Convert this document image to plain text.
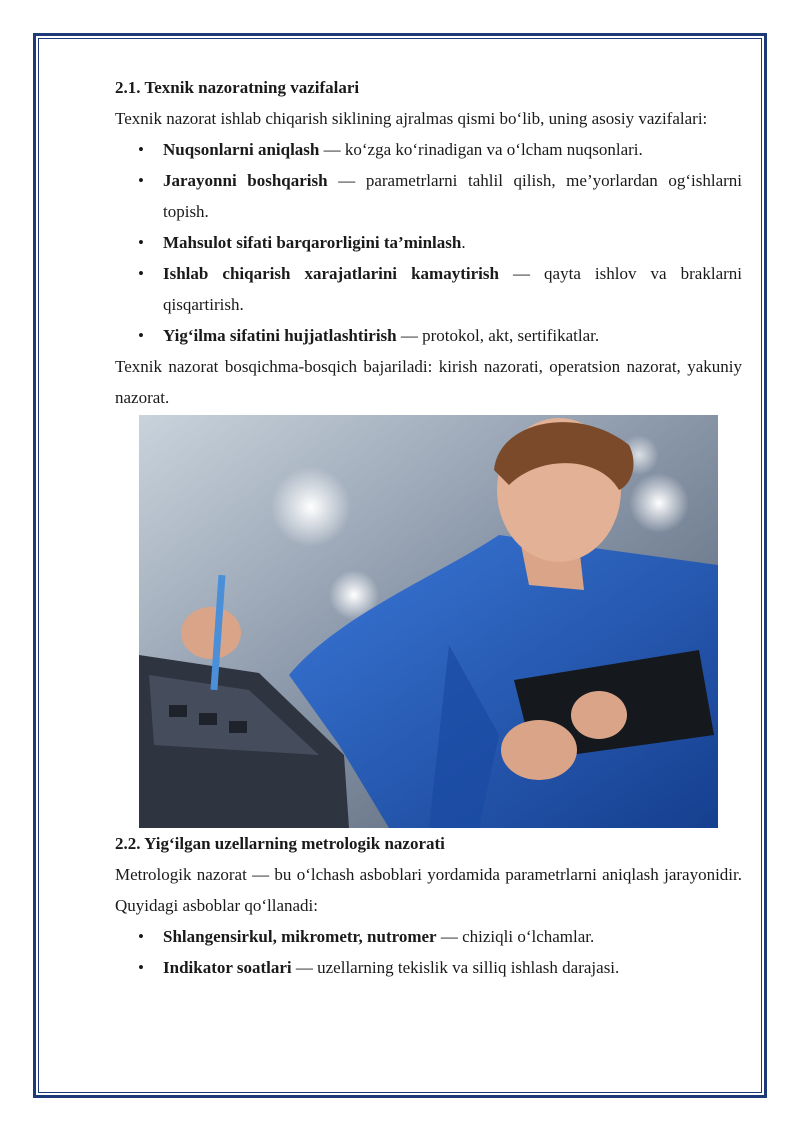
2.1. Texnik nazoratning vazifalari

Texnik nazorat ishlab chiqarish siklining ajralmas qismi bo‘lib, uning asosiy vazifalari:

• Nuqsonlarni aniqlash — ko‘zga ko‘rinadigan va o‘lcham nuqsonlari.
• Jarayonni boshqarish — parametrlarni tahlil qilish, me’yorlardan og‘ishlarni topish.
• Mahsulot sifati barqarorligini ta’minlash.
• Ishlab chiqarish xarajatlarini kamaytirish — qayta ishlov va braklarni qisqartirish.
• Yig‘ilma sifatini hujjatlashtirish — protokol, akt, sertifikatlar.

Texnik nazorat bosqichma-bosqich bajariladi: kirish nazorati, operatsion nazorat, yakuniy nazorat.

2.2. Yig‘ilgan uzellarning metrologik nazorati

Metrologik nazorat — bu o‘lchash asboblari yordamida parametrlarni aniqlash jarayonidir. Quyidagi asboblar qo‘llanadi:

• Shlangensirkul, mikrometr, nutromer — chiziqli o‘lchamlar.
• Indikator soatlari — uzellarning tekislik va silliq ishlash darajasi.
